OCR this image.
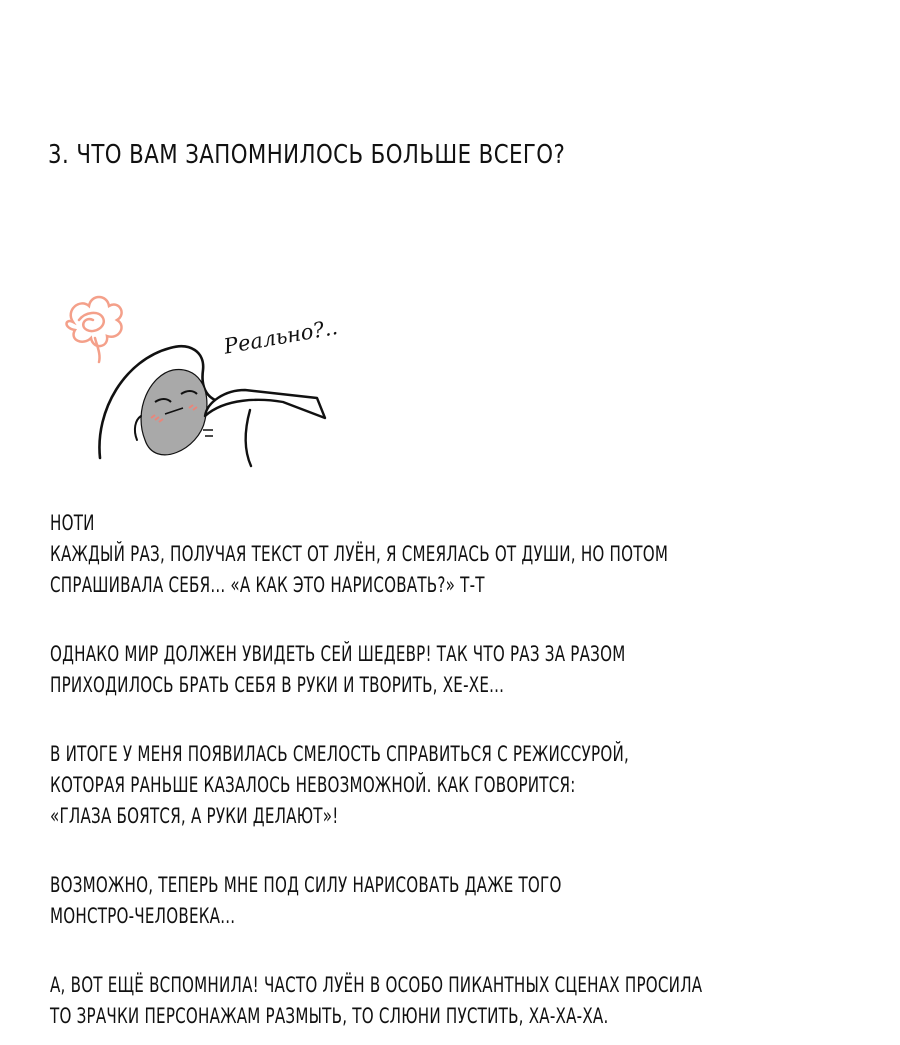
3. ЧТО ВАМ ЗАПОМНИЛОСЬ БОЛЬШЕ ВСЕГО?
Реально?..
НОТИ
КАЖДЫЙ РАЗ, ПОЛУЧАЯ ТЕКСТ ОТ ЛУЁН, Я СМЕЯЛАСЬ ОТ ДУШИ, НО ПОТОМ
СПРАШИВАЛА СЕБЯ... «А КАК ЭТО НАРИСОВАТЬ?» Т-Т
ОДНАКО МИР ДОЛЖЕН УВИДЕТЬ СЕЙ ШЕДЕВР! ТАК ЧТО РАЗ ЗА РАЗОМ
ПРИХОДИЛОСЬ БРАТЬ СЕБЯ В РУКИ И ТВОРИТЬ, ХЕ-ХЕ...
В ИТОГЕ У МЕНЯ ПОЯВИЛАСЬ СМЕЛОСТЬ СПРАВИТЬСЯ С РЕЖИССУРОЙ,
КОТОРАЯ РАНЬШЕ КАЗАЛОСЬ НЕВОЗМОЖНОЙ. КАК ГОВОРИТСЯ:
«ГЛАЗА БОЯТСЯ, А РУКИ ДЕЛАЮТ»!
ВОЗМОЖНО, ТЕПЕРЬ МНЕ ПОД СИЛУ НАРИСОВАТЬ ДАЖЕ ТОГО
МОНСТРО-ЧЕЛОВЕКА...
А, ВОТ ЕЩЁ ВСПОМНИЛА! ЧАСТО ЛУЁН В ОСОБО ПИКАНТНЫХ СЦЕНАХ ПРОСИЛА
ТО ЗРАЧКИ ПЕРСОНАЖАМ РАЗМЫТЬ, ТО СЛЮНИ ПУСТИТЬ, ХА-ХА-ХА.
